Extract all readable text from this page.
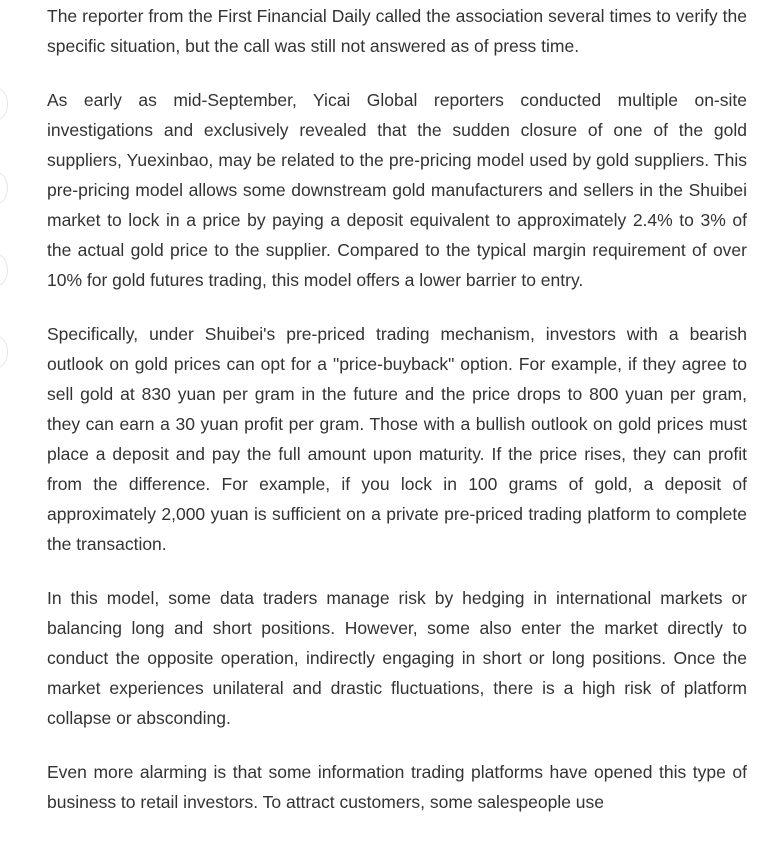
The reporter from the First Financial Daily called the association several times to verify the specific situation, but the call was still not answered as of press time.

As early as mid-September, Yicai Global reporters conducted multiple on-site investigations and exclusively revealed that the sudden closure of one of the gold suppliers, Yuexinbao, may be related to the pre-pricing model used by gold suppliers. This pre-pricing model allows some downstream gold manufacturers and sellers in the Shuibei market to lock in a price by paying a deposit equivalent to approximately 2.4% to 3% of the actual gold price to the supplier. Compared to the typical margin requirement of over 10% for gold futures trading, this model offers a lower barrier to entry.

Specifically, under Shuibei's pre-priced trading mechanism, investors with a bearish outlook on gold prices can opt for a "price-buyback" option. For example, if they agree to sell gold at 830 yuan per gram in the future and the price drops to 800 yuan per gram, they can earn a 30 yuan profit per gram. Those with a bullish outlook on gold prices must place a deposit and pay the full amount upon maturity. If the price rises, they can profit from the difference. For example, if you lock in 100 grams of gold, a deposit of approximately 2,000 yuan is sufficient on a private pre-priced trading platform to complete the transaction.

In this model, some data traders manage risk by hedging in international markets or balancing long and short positions. However, some also enter the market directly to conduct the opposite operation, indirectly engaging in short or long positions. Once the market experiences unilateral and drastic fluctuations, there is a high risk of platform collapse or absconding.

Even more alarming is that some information trading platforms have opened this type of business to retail investors. To attract customers, some salespeople use
